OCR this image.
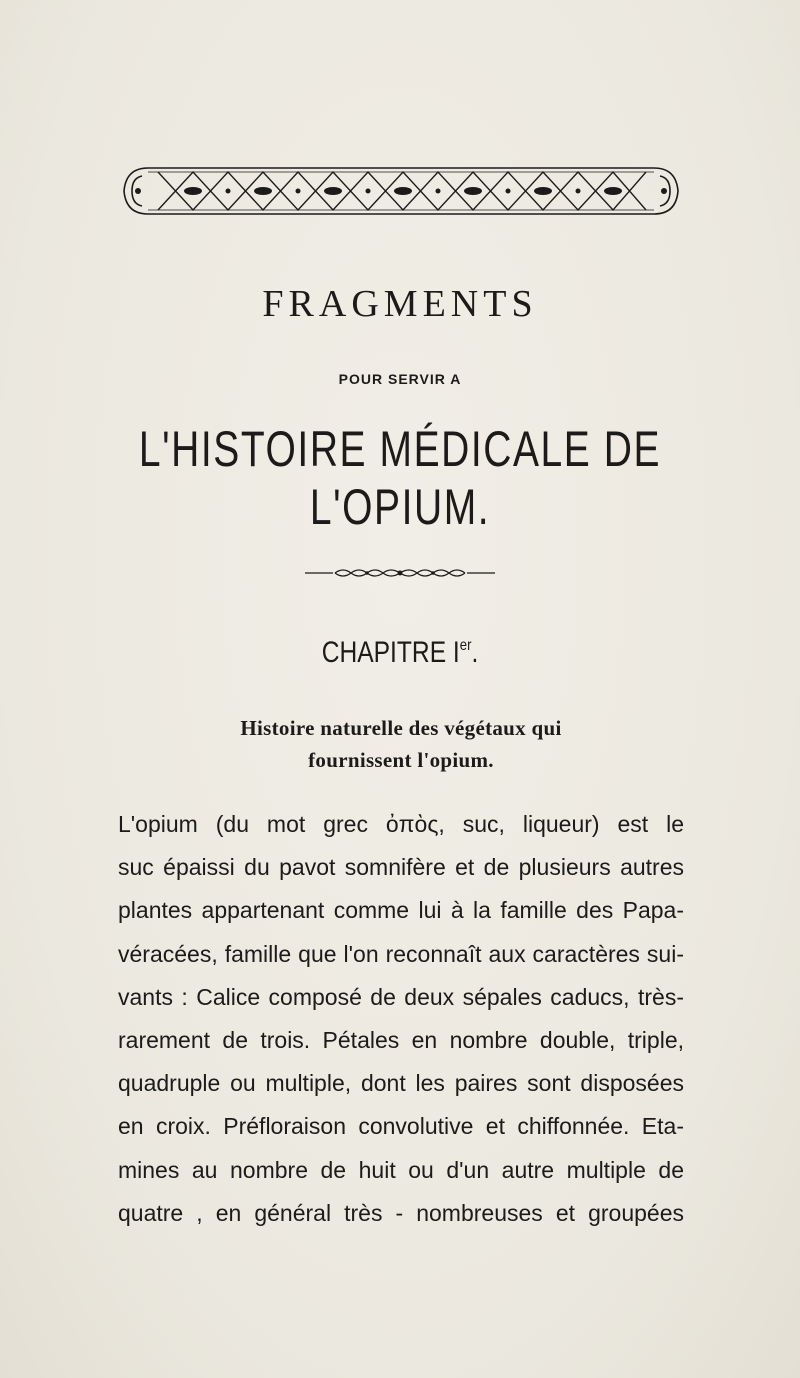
FRAGMENTS
POUR SERVIR A
L'HISTOIRE MÉDICALE DE L'OPIUM.
CHAPITRE Ier.
Histoire naturelle des végétaux qui
fournissent l'opium.
L'opium (du mot grec ὀπὸς, suc, liqueur) est le
suc épaissi du pavot somnifère et de plusieurs autres
plantes appartenant comme lui à la famille des Papa-
véracées, famille que l'on reconnaît aux caractères sui-
vants : Calice composé de deux sépales caducs, très-
rarement de trois. Pétales en nombre double, triple,
quadruple ou multiple, dont les paires sont disposées
en croix. Préfloraison convolutive et chiffonnée. Eta-
mines au nombre de huit ou d'un autre multiple de
quatre , en général très - nombreuses et groupées
